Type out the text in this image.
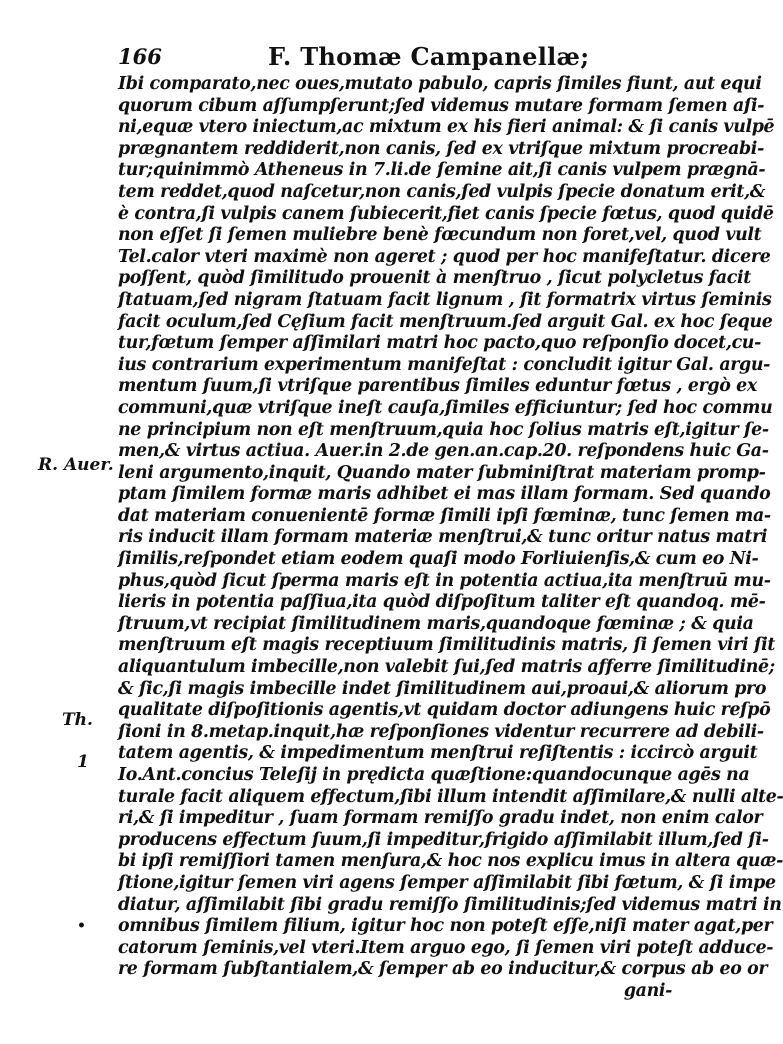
166	F. Thomæ Campanellæ;
R. Auer.
Th.
1
•
Ibi comparato,nec oues,mutato pabulo, capris ſimiles fiunt, aut equi
quorum cibum aſſumpſerunt;ſed videmus mutare formam ſemen aſi-
ni,equæ vtero iniectum,ac mixtum ex his fieri animal: & ſi canis vulpē
prægnantem reddiderit,non canis, ſed ex vtriſque mixtum procreabi-
tur;quinimmò Atheneus in 7.li.de ſemine ait,ſi canis vulpem prægnā-
tem reddet,quod naſcetur,non canis,ſed vulpis ſpecie donatum erit,&
è contra,ſi vulpis canem ſubiecerit,fiet canis ſpecie fœtus, quod quidē
non eſſet ſi ſemen muliebre benè fœcundum non foret,vel, quod vult
Tel.calor vteri maximè non ageret ; quod per hoc manifeſtatur. dicere
poſſent, quòd ſimilitudo prouenit à menſtruo , ſicut polycletus facit
ſtatuam,ſed nigram ſtatuam facit lignum , ſit formatrix virtus ſeminis
facit oculum,ſed Cęſium facit menſtruum.ſed arguit Gal. ex hoc ſeque
tur,fœtum ſemper aſſimilari matri hoc pacto,quo reſponſio docet,cu-
ius contrarium experimentum manifeſtat : concludit igitur Gal. argu-
mentum ſuum,ſi vtriſque parentibus ſimiles eduntur fœtus , ergò ex
communi,quæ vtriſque ineſt cauſa,ſimiles efficiuntur; ſed hoc commu
ne principium non eſt menſtruum,quia hoc ſolius matris eſt,igitur ſe-
men,& virtus actiua. Auer.in 2.de gen.an.cap.20. reſpondens huic Ga-
leni argumento,inquit, Quando mater ſubminiſtrat materiam promp-
ptam ſimilem formæ maris adhibet ei mas illam formam. Sed quando
dat materiam conuenientē formæ ſimili ipſi fœminæ, tunc ſemen ma-
ris inducit illam formam materiæ menſtrui,& tunc oritur natus matri
ſimilis,reſpondet etiam eodem quaſi modo Forliuienſis,& cum eo Ni-
phus,quòd ſicut ſperma maris eſt in potentia actiua,ita menſtruū mu-
lieris in potentia paſſiua,ita quòd diſpoſitum taliter eſt quandoq. mē-
ſtruum,vt recipiat ſimilitudinem maris,quandoque fœminæ ; & quia
menſtruum eſt magis receptiuum ſimilitudinis matris, ſi ſemen viri ſit
aliquantulum imbecille,non valebit ſui,ſed matris afferre ſimilitudinē;
& ſic,ſi magis imbecille indet ſimilitudinem aui,proaui,& aliorum pro
qualitate diſpoſitionis agentis,vt quidam doctor adiungens huic reſpō
ſioni in 8.metap.inquit,hæ reſponſiones videntur recurrere ad debili-
tatem agentis, & impedimentum menſtrui reſiſtentis : iccircò arguit
Io.Ant.concius Teleſij in prędicta quæſtione:quandocunque agēs na
turale facit aliquem effectum,ſibi illum intendit aſſimilare,& nulli alte-
ri,& ſi impeditur , ſuam formam remiſſo gradu indet, non enim calor
producens effectum ſuum,ſi impeditur,frigido aſſimilabit illum,ſed ſi-
bi ipſi remiſſiori tamen menſura,& hoc nos explicu imus in altera quæ-
ſtione,igitur ſemen viri agens ſemper aſſimilabit ſibi fœtum, & ſi impe
diatur, aſſimilabit ſibi gradu remiſſo ſimilitudinis;ſed videmus matri in
omnibus ſimilem filium, igitur hoc non poteſt eſſe,niſi mater agat,per
catorum ſeminis,vel vteri.Item arguo ego, ſi ſemen viri poteſt adduce-
re formam ſubſtantialem,& ſemper ab eo inducitur,& corpus ab eo or
gani-
